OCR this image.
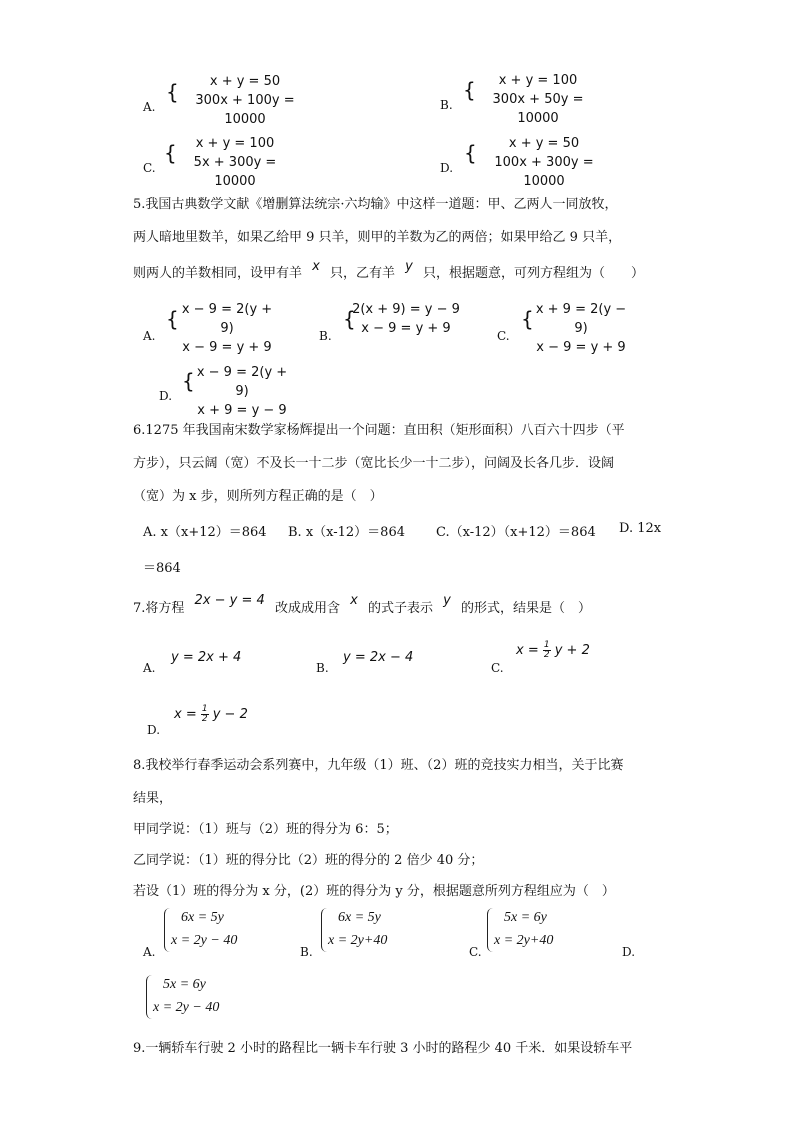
A.
{	x + y = 50
300x + 100y = 10000
B.
{	x + y = 100
300x + 50y = 10000
C.
{	x + y = 100
5x + 300y = 10000
D.
{	x + y = 50
100x + 300y = 10000
5.我国古典数学文献《增删算法统宗·六均输》中这样一道题：甲、乙两人一同放牧，
两人暗地里数羊，如果乙给甲 9 只羊，则甲的羊数为乙的两倍；如果甲给乙 9 只羊，
则两人的羊数相同，设甲有羊 x 只，乙有羊 y 只，根据题意，可列方程组为（　　）
A.
{ x − 9 = 2(y + 9)
x − 9 = y + 9
B.
{
2(x + 9) = y − 9
x − 9 = y + 9	C.
{ x + 9 = 2(y − 9)
x − 9 = y + 9
D.
{ x − 9 = 2(y + 9)
x + 9 = y − 9
6.1275 年我国南宋数学家杨辉提出一个问题：直田积（矩形面积）八百六十四步（平
方步），只云阔（宽）不及长一十二步（宽比长少一十二步），问阔及长各几步．设阔
（宽）为 x 步，则所列方程正确的是（　）
A. x（x+12）＝864 B. x（x-12）＝864 C.（x-12）（x+12）＝864 D. 12x
＝864
7.将方程 2x − y = 4 改成成用含 x 的式子表示 y 的形式，结果是（　）
A.
y = 2x + 4
B.
y = 2x − 4
C.
$x = \frac{1}{2}$ y + 2
D.
$x = \frac{1}{2}$ y − 2
8.我校举行春季运动会系列赛中，九年级（1）班、（2）班的竞技实力相当，关于比赛
结果，
甲同学说：（1）班与（2）班的得分为 6：5；
乙同学说：（1）班的得分比（2）班的得分的 2 倍少 40 分；
若设（1）班的得分为 x 分，(2）班的得分为 y 分，根据题意所列方程组应为（　）
A.
6x = 5y
x = 2y − 40
B.
6x = 5y
x = 2y+40
C.
5x = 6y
x = 2y+40
D.
5x = 6y
x = 2y − 40
9.一辆轿车行驶 2 小时的路程比一辆卡车行驶 3 小时的路程少 40 千米．如果设轿车平
